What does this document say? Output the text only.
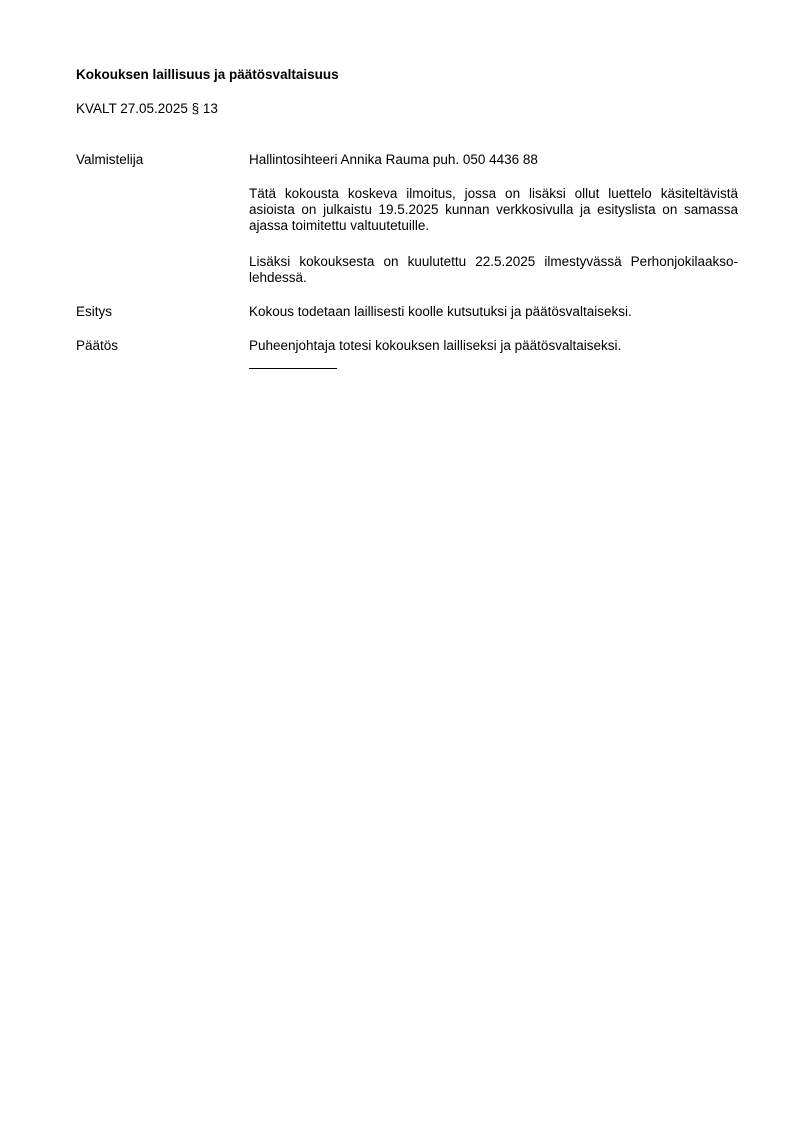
Kokouksen laillisuus ja päätösvaltaisuus
KVALT 27.05.2025 § 13
Valmistelija	Hallintosihteeri Annika Rauma puh. 050 4436 88
Tätä kokousta koskeva ilmoitus, jossa on lisäksi ollut luettelo käsiteltävistä asioista on julkaistu 19.5.2025 kunnan verkkosivulla ja esityslista on samassa ajassa toimitettu valtuutetuille.
Lisäksi kokouksesta on kuulutettu 22.5.2025 ilmestyvässä Perhonjokilaakso-lehdessä.
Esitys	Kokous todetaan laillisesti koolle kutsutuksi ja päätösvaltaiseksi.
Päätös	Puheenjohtaja totesi kokouksen lailliseksi ja päätösvaltaiseksi.
